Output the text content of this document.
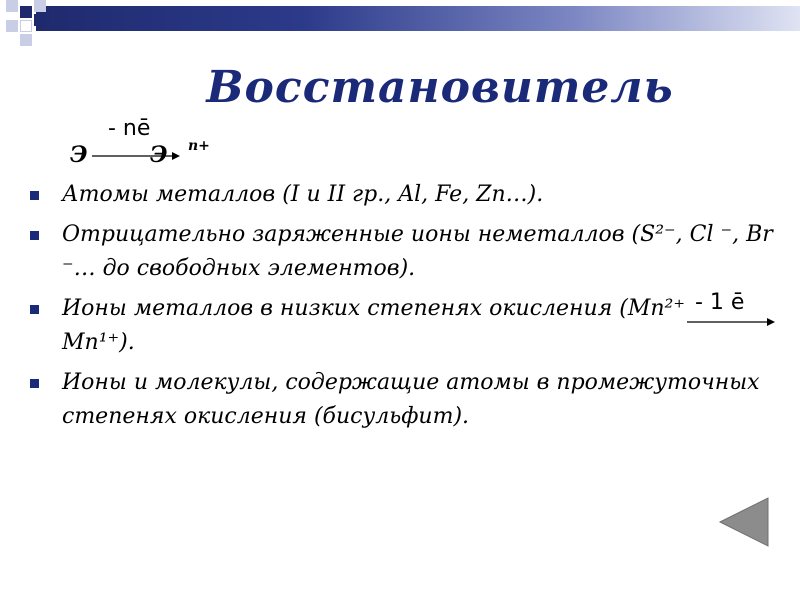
Восстановитель
Э
- nē
Э n+
Атомы металлов (I и II гр., Al, Fe, Zn…).
Отрицательно заряженные ионы неметаллов (S²⁻, Cl ⁻, Br ⁻… до свободных элементов).
Ионы металлов в низких степенях окисления (Mn²⁺ - 1 ē
Mn¹⁺).
Ионы и молекулы, содержащие атомы в промежуточных степенях окисления (бисульфит).
